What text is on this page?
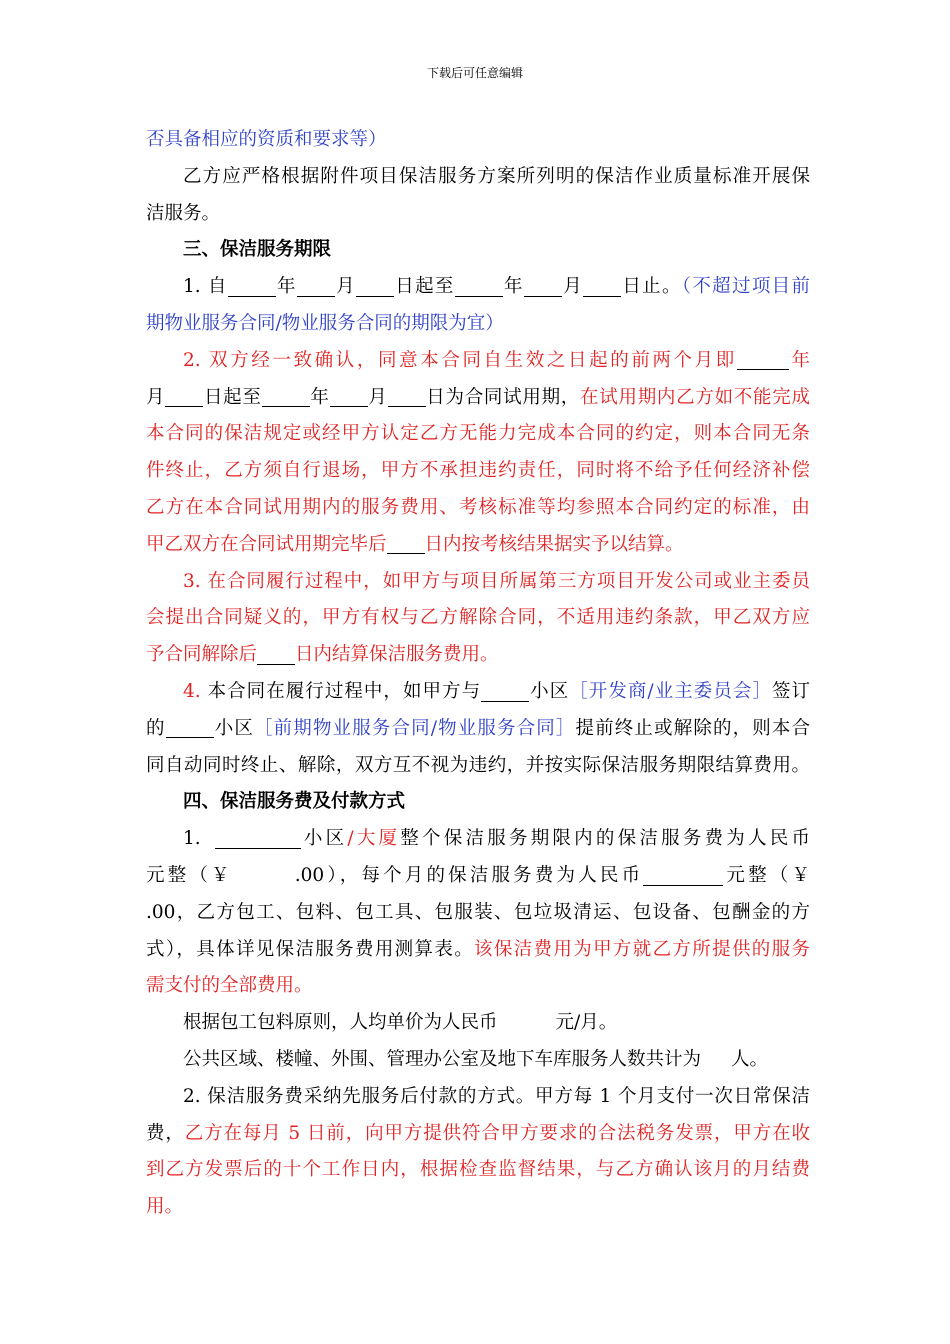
下载后可任意编辑
否具备相应的资质和要求等）
乙方应严格根据附件项目保洁服务方案所列明的保洁作业质量标准开展保
洁服务。
三、保洁服务期限
1. 自	年 月 日起至	年 月 日止。（不超过项目前
期物业服务合同/物业服务合同的期限为宜）
2. 双方经一致确认，同意本合同自生效之日起的前两个月即	年
月 日起至	年 月 日为合同试用期，在试用期内乙方如不能完成
本合同的保洁规定或经甲方认定乙方无能力完成本合同的约定，则本合同无条
件终止，乙方须自行退场，甲方不承担违约责任，同时将不给予任何经济补偿
乙方在本合同试用期内的服务费用、考核标准等均参照本合同约定的标准，由
甲乙双方在合同试用期完毕后 日内按考核结果据实予以结算。
3. 在合同履行过程中，如甲方与项目所属第三方项目开发公司或业主委员
会提出合同疑义的，甲方有权与乙方解除合同，不适用违约条款，甲乙双方应
予合同解除后 日内结算保洁服务费用。
4. 本合同在履行过程中，如甲方与	小区［开发商/业主委员会］签订
的	小区［前期物业服务合同/物业服务合同］提前终止或解除的，则本合
同自动同时终止、解除，双方互不视为违约，并按实际保洁服务期限结算费用。
四、保洁服务费及付款方式
1.	小区/大厦整个保洁服务期限内的保洁服务费为人民币
元整（￥	.00），每个月的保洁服务费为人民币	元整（￥
.00，乙方包工、包料、包工具、包服装、包垃圾清运、包设备、包酬金的方
式），具体详见保洁服务费用测算表。该保洁费用为甲方就乙方所提供的服务
需支付的全部费用。
根据包工包料原则，人均单价为人民币	元/月。
公共区域、楼幢、外围、管理办公室及地下车库服务人数共计为 人。
2. 保洁服务费采纳先服务后付款的方式。甲方每 1 个月支付一次日常保洁
费，乙方在每月 5 日前，向甲方提供符合甲方要求的合法税务发票，甲方在收
到乙方发票后的十个工作日内，根据检查监督结果，与乙方确认该月的月结费
用。
